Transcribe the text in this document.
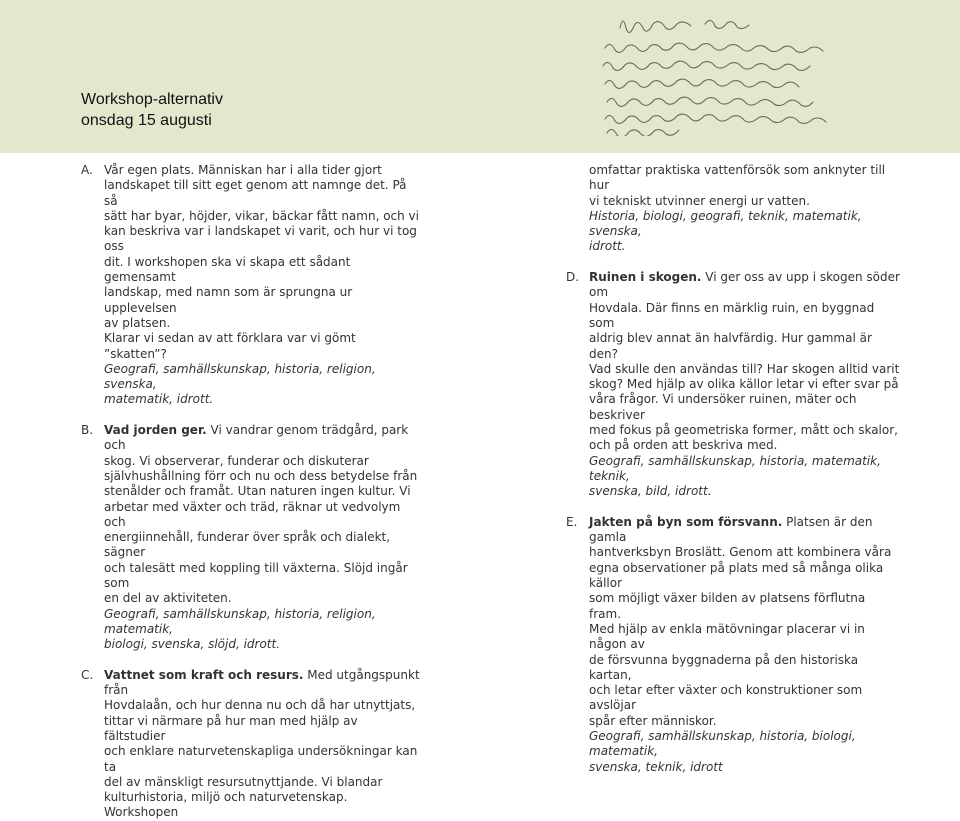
Workshop-alternativ
onsdag 15 augusti
A. Vår egen plats. Människan har i alla tider gjort
landskapet till sitt eget genom att namnge det. På så
sätt har byar, höjder, vikar, bäckar fått namn, och vi
kan beskriva var i landskapet vi varit, och hur vi tog oss
dit. I workshopen ska vi skapa ett sådant gemensamt
landskap, med namn som är sprungna ur upplevelsen
av platsen.
Klarar vi sedan av att förklara var vi gömt ”skatten”?
Geografi, samhällskunskap, historia, religion, svenska,
matematik, idrott.
B. Vad jorden ger. Vi vandrar genom trädgård, park och
skog. Vi observerar, funderar och diskuterar
självhushållning förr och nu och dess betydelse från
stenålder och framåt. Utan naturen ingen kultur. Vi
arbetar med växter och träd, räknar ut vedvolym och
energiinnehåll, funderar över språk och dialekt, sägner
och talesätt med koppling till växterna. Slöjd ingår som
en del av aktiviteten.
Geografi, samhällskunskap, historia, religion, matematik,
biologi, svenska, slöjd, idrott.
C. Vattnet som kraft och resurs. Med utgångspunkt från
Hovdalaån, och hur denna nu och då har utnyttjats,
tittar vi närmare på hur man med hjälp av fältstudier
och enklare naturvetenskapliga undersökningar kan ta
del av mänskligt resursutnyttjande. Vi blandar
kulturhistoria, miljö och naturvetenskap. Workshopen
omfattar praktiska vattenförsök som anknyter till hur
vi tekniskt utvinner energi ur vatten.
Historia, biologi, geografi, teknik, matematik, svenska,
idrott.
D. Ruinen i skogen. Vi ger oss av upp i skogen söder om
Hovdala. Där finns en märklig ruin, en byggnad som
aldrig blev annat än halvfärdig. Hur gammal är den?
Vad skulle den användas till? Har skogen alltid varit
skog? Med hjälp av olika källor letar vi efter svar på
våra frågor. Vi undersöker ruinen, mäter och beskriver
med fokus på geometriska former, mått och skalor,
och på orden att beskriva med.
Geografi, samhällskunskap, historia, matematik, teknik,
svenska, bild, idrott.
E. Jakten på byn som försvann. Platsen är den gamla
hantverksbyn Broslätt. Genom att kombinera våra
egna observationer på plats med så många olika källor
som möjligt växer bilden av platsens förflutna fram.
Med hjälp av enkla mätövningar placerar vi in någon av
de försvunna byggnaderna på den historiska kartan,
och letar efter växter och konstruktioner som avslöjar
spår efter människor.
Geografi, samhällskunskap, historia, biologi, matematik,
svenska, teknik, idrott
